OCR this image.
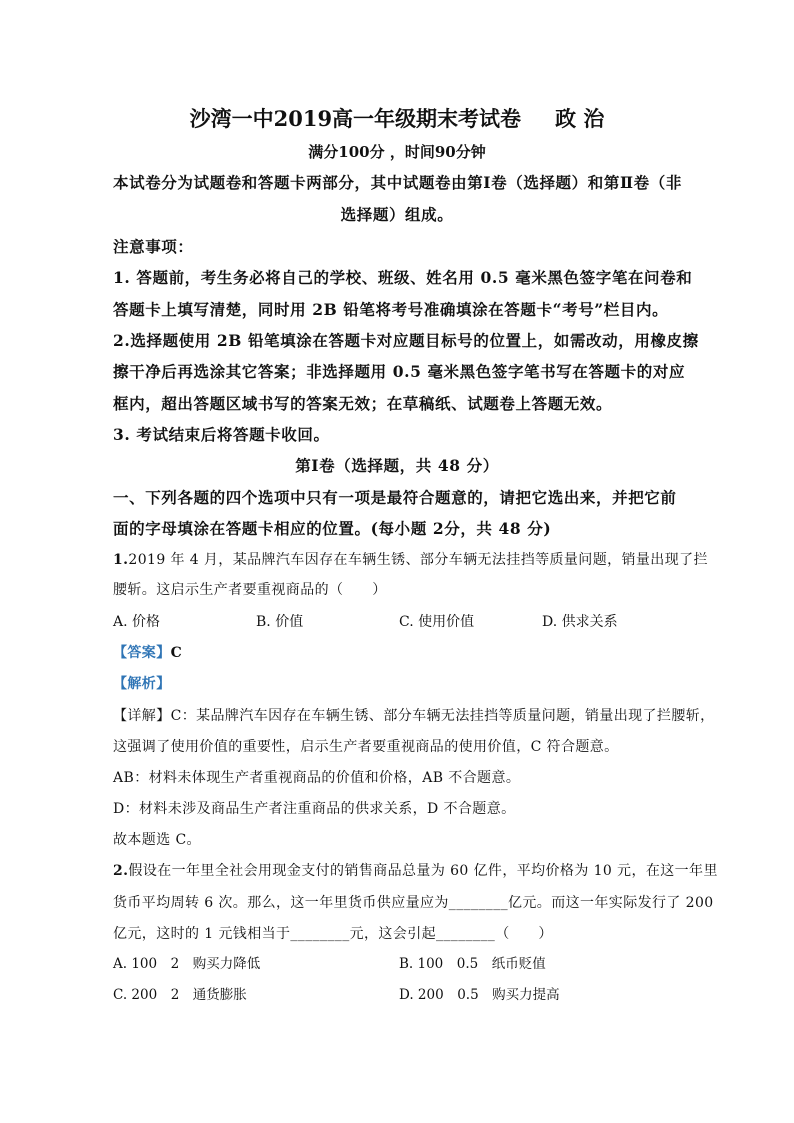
沙湾一中2019高一年级期末考试卷 政 治
满分100分 ，时间90分钟
本试卷分为试题卷和答题卡两部分，其中试题卷由第Ⅰ卷（选择题）和第Ⅱ卷（非
选择题）组成。
注意事项：
1. 答题前，考生务必将自己的学校、班级、姓名用 0.5 毫米黑色签字笔在问卷和
答题卡上填写清楚，同时用 2B 铅笔将考号准确填涂在答题卡“考号”栏目内。
2.选择题使用 2B 铅笔填涂在答题卡对应题目标号的位置上，如需改动，用橡皮擦
擦干净后再选涂其它答案；非选择题用 0.5 毫米黑色签字笔书写在答题卡的对应
框内，超出答题区域书写的答案无效；在草稿纸、试题卷上答题无效。
3. 考试结束后将答题卡收回。
第Ⅰ卷（选择题，共 48 分）
一、下列各题的四个选项中只有一项是最符合题意的，请把它选出来，并把它前
面的字母填涂在答题卡相应的位置。(每小题 2分，共 48 分)
1.2019 年 4 月，某品牌汽车因存在车辆生锈、部分车辆无法挂挡等质量问题，销量出现了拦
腰斩。这启示生产者要重视商品的（　　）
A. 价格	B. 价值	C. 使用价值	D. 供求关系
【答案】C
【解析】
【详解】C：某品牌汽车因存在车辆生锈、部分车辆无法挂挡等质量问题，销量出现了拦腰斩，
这强调了使用价值的重要性，启示生产者要重视商品的使用价值，C 符合题意。
AB：材料未体现生产者重视商品的价值和价格，AB 不合题意。
D：材料未涉及商品生产者注重商品的供求关系，D 不合题意。
故本题选 C。
2.假设在一年里全社会用现金支付的销售商品总量为 60 亿件，平均价格为 10 元，在这一年里
货币平均周转 6 次。那么，这一年里货币供应量应为________亿元。而这一年实际发行了 200
亿元，这时的 1 元钱相当于________元，这会引起________（　　）
A. 100　2　购买力降低	B. 100　0.5　纸币贬值
C. 200　2　通货膨胀	D. 200　0.5　购买力提高
